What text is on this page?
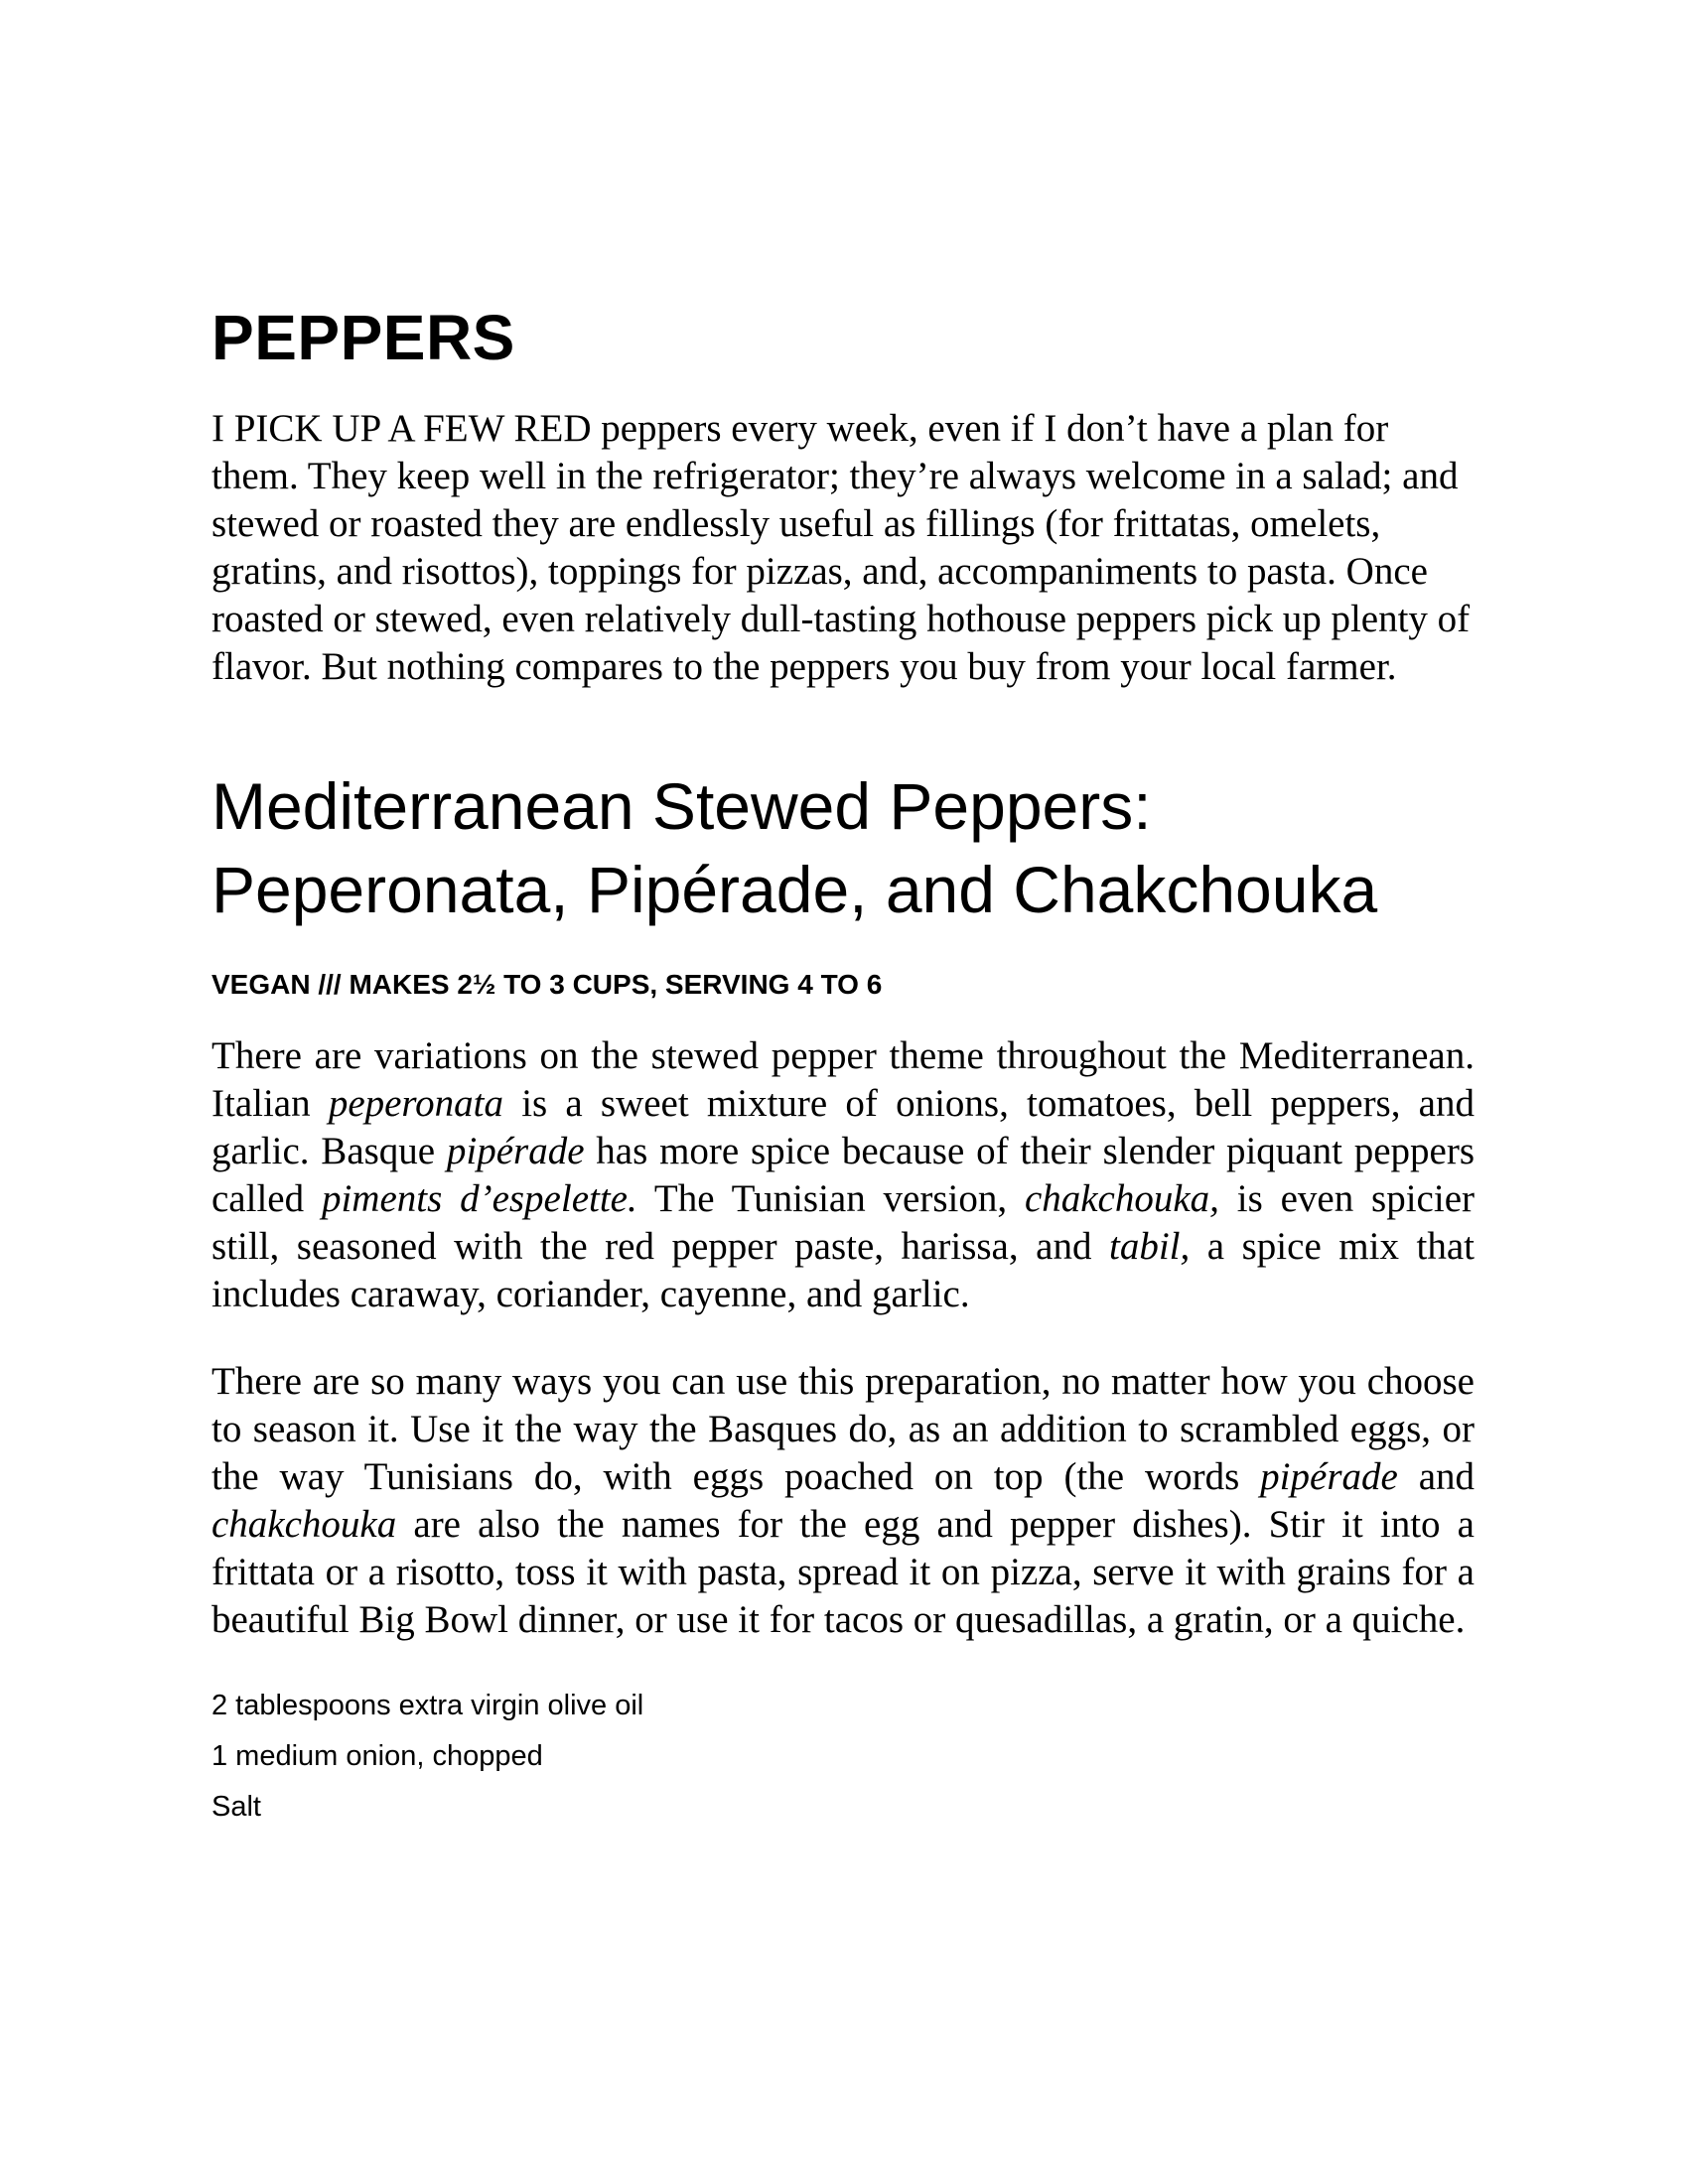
PEPPERS

I PICK UP A FEW RED peppers every week, even if I don’t have a plan for them. They keep well in the refrigerator; they’re always welcome in a salad; and stewed or roasted they are endlessly useful as fillings (for frittatas, omelets, gratins, and risottos), toppings for pizzas, and, accompaniments to pasta. Once roasted or stewed, even relatively dull-tasting hothouse peppers pick up plenty of flavor. But nothing compares to the peppers you buy from your local farmer.

Mediterranean Stewed Peppers:
Peperonata, Pipérade, and Chakchouka
VEGAN /// MAKES 2½ TO 3 CUPS, SERVING 4 TO 6

There are variations on the stewed pepper theme throughout the Mediterranean. Italian peperonata is a sweet mixture of onions, tomatoes, bell peppers, and garlic. Basque pipérade has more spice because of their slender piquant peppers called piments d’espelette. The Tunisian version, chakchouka, is even spicier still, seasoned with the red pepper paste, harissa, and tabil, a spice mix that includes caraway, coriander, cayenne, and garlic.

There are so many ways you can use this preparation, no matter how you choose to season it. Use it the way the Basques do, as an addition to scrambled eggs, or the way Tunisians do, with eggs poached on top (the words pipérade and chakchouka are also the names for the egg and pepper dishes). Stir it into a frittata or a risotto, toss it with pasta, spread it on pizza, serve it with grains for a beautiful Big Bowl dinner, or use it for tacos or quesadillas, a gratin, or a quiche.

2 tablespoons extra virgin olive oil
1 medium onion, chopped
Salt
